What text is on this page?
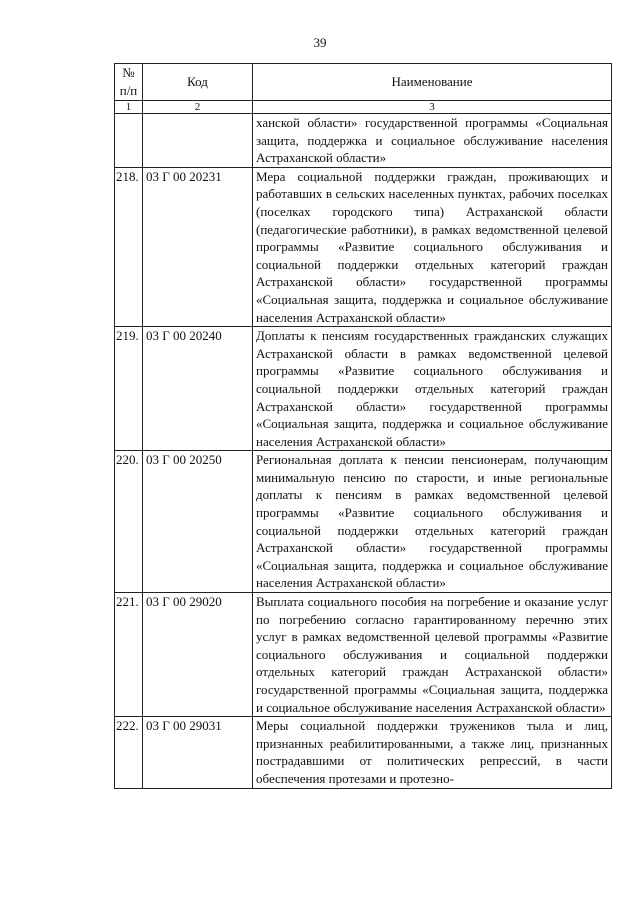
39
№ п/п	Код	Наименование
1	2	3
		ханской области» государственной программы «Социальная защита, поддержка и социальное обслуживание населения Астраханской области»
218.	03 Г 00 20231	Мера социальной поддержки граждан, проживающих и работавших в сельских населенных пунктах, рабочих поселках (поселках городского типа) Астраханской области (педагогические работники), в рамках ведомственной целевой программы «Развитие социального обслуживания и социальной поддержки отдельных категорий граждан Астраханской области» государственной программы «Социальная защита, поддержка и социальное обслуживание населения Астраханской области»
219.	03 Г 00 20240	Доплаты к пенсиям государственных гражданских служащих Астраханской области в рамках ведомственной целевой программы «Развитие социального обслуживания и социальной поддержки отдельных категорий граждан Астраханской области» государственной программы «Социальная защита, поддержка и социальное обслуживание населения Астраханской области»
220.	03 Г 00 20250	Региональная доплата к пенсии пенсионерам, получающим минимальную пенсию по старости, и иные региональные доплаты к пенсиям в рамках ведомственной целевой программы «Развитие социального обслуживания и социальной поддержки отдельных категорий граждан Астраханской области» государственной программы «Социальная защита, поддержка и социальное обслуживание населения Астраханской области»
221.	03 Г 00 29020	Выплата социального пособия на погребение и оказание услуг по погребению согласно гарантированному перечню этих услуг в рамках ведомственной целевой программы «Развитие социального обслуживания и социальной поддержки отдельных категорий граждан Астраханской области» государственной программы «Социальная защита, поддержка и социальное обслуживание населения Астраханской области»
222.	03 Г 00 29031	Меры социальной поддержки тружеников тыла и лиц, признанных реабилитированными, а также лиц, признанных пострадавшими от политических репрессий, в части обеспечения протезами и протезно-
